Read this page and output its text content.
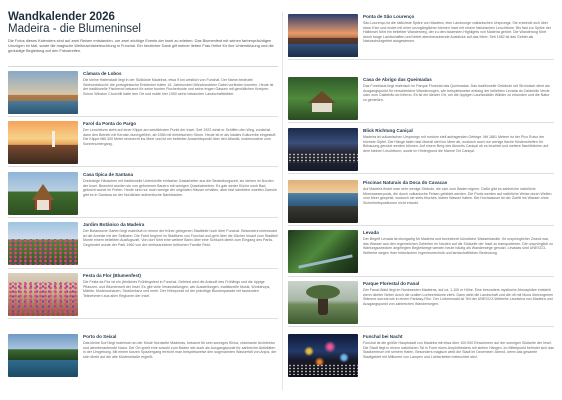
Wandkalender 2026
Madeira - die Blumeninsel
Die Fotos dieses Kalenders sind auf zwei Reisen entstanden, um zwei wichtige Events der Insel zu erleben: Das Blumenfest mit seinen farbenprächtigen Umzügen im Mai, sowie die magische Weihnachtsbeleuchtung in Funchal. Ein herzlicher Dank gilt meiner lieben Frau Heike für ihre Unterstützung und die geduldige Begleitung auf den Fotostreifen.
Câmara de Lobos
Die kleine Hafenstadt liegt in der Südküste Madeiras, etwa 9 km westlich von Funchal. Der Name bedeutet Seehundsbucht: die portugiesische Entdecker trafen 15. Jahrhundert Mönchsrobben Dabei vorfinden konnten. Heute ist der traditionelle Fischerort bekannt für seine bunten Fischerboote und seine engen Gassen mit gemütlichen Kneipen. Schon Winston Churchill hatte den Ort und malte hier 1950 seine bekannten Landschaftsbilder.
Farol da Ponta do Pargo
Der Leuchtturm steht auf einer Klippe am westlichsten Punkt der Insel. Seit 1922 weist er Schiffen den Weg, zunächst dann den Betrieb mit Kerosin durchgeführt, ab 1958 mit elektrischem Strom. Heute ist er als lokales Kulturerbe eingestuft. Die Klippe fällt 300 Meter senkrecht ins Meer und ist ein beliebter Aussichtspunkt über den Atlantik, insbesondere zum Sonnenuntergang.
Casa típica de Santana
Dreieckige Häuschen mit traditionelle Unterkünfte einfacher Gastarbeiter aus der Besiedlungszeit, sie stehen im Norden der Insel. Bewohnt wurden sie von geborenen Bauern mit wenigen Quadratmetern. Es gab weder Küche noch Bad, gekocht wurde im Freien. Heute sind nur noch wenige der originalen Häuser erhalten, aber fast sämtliche zweiten Zwecke gibt es in Santana an der Nordküste authentische Nachbauten.
Jardim Botânico da Madeira
Der Botanische Garten liegt malerisch in einem der früher gelegenen Stadtteile hoch über Funchal. Besonders interessant ist die Anreise mit der Seilbahn. Die Fahrt beginnt im Stadtkern von Funchal und geht über die Dächer hinauf zum Stadtteil Monte einem beliebten Ausflugsziel. Von dort führt eine weitere Bahn über eine Schlucht direkt zum Eingang des Parks. Gegründet wurde der Park 1960 von der einflussreichen britischen Familie Reid.
Festa da Flor (Blumenfest)
Die Festa da Flor ist ein jährliches Frühlingsfest in Funchal. Gefeiert wird die Ankunft des Frühlings und die üppige Pflanzen- und Blumenwelt der Insel. Es gibt viele Veranstaltungen, wie Ausstellungen, traditionelle Musik, Workshops, Märkte, Modenschauen, Straßentanz und mehr. Der Höhepunkt ist der prächtige Blumenparade mit tausenden Teilnehmern aus allen Regionen der Insel.
Porto do Seixal
Das kleine Dorf liegt malerisch an der Küste Nordseite Madeiras, bekannt für sein sonniges Klima, charmante Architektur und atemberaubende Natur. Der Ort spielt eine sowohl zum Baden wie auch als Ausgangspunkt für zahlreiche Aktivitäten in der Umgebung. Mit einem kurzen Spaziergang erreicht man beispielsweise den sogenannten Wasserfall von Anjos, der sich direkt auf die alte Küstenstraße ergießt.
Ponta de São Lourenço
São Lourenço ist die östlichste Spitze von Madeira, eine Landzunge vulkanischen Ursprungs. Sie erstreckt sich über etwa 9 km und endet mit einer unzugänglichen kleinen Insel mit einem historischen Leuchtturm. Bis fast zur Spitze der Halbinsel führt ein beliebter Wanderweg, der zu den bizarrsten Highlights von Madeira gehört. Die Wanderung führt durch karge Landschaften und bietet atemberaubende Ausblicke auf das Meer. Seit 1982 ist das Gebiet als Naturschutzgebiet ausgewiesen.
Casa de Abrigo das Queimadas
Das Forsthaus liegt malerisch im Parque Florestal das Queimadas. Das traditionelle Gebäude mit Strohdach dient als Ausgangspunkt für verschiedene Wanderungen, wie beispielsweise entlang der beliebten Levada do Caldeirão Verde oder zum Caldeirão do Inferno. Es ist ein idealer Ort, um die üppigen Lauriswälder Wälder zu erkunden und die Natur zu genießen.
Blick Richtung Caniçal
Madeira ist vulkanischen Ursprungs mit rundum steil aufragenden Gebirge. Mit 1861 Metern ist der Pico Ruivo der höchste Gipfel. Die Hänge fallen fast überall steil ins Meer ab, wodurch auch nur wenige flache Küstenstreifen für Bebauung genutzt werden können. Auf einem Berg des Akronits Caniçal ob es leuchtet und weitere Nachtfahrten auf dem kleinen Leuchtturm, sowie im Hintergrund die Marine Ort Caniçal.
Piscinas Naturais da Doca do Cavacas
Auf Madeira findet man sehr wenige Strände, die sich zum Baden eignen. Dafür gibt es zahlreiche natürliche Meerwasserpools, die durch vulkanische Felsen gebildet werden. Die Pools werden auf natürliche Weise durch Wellen vom Meer gespeist, wodurch sie stets frisches, klares Wasser haben. Bei Hochwasser ist der Zutritt ins Wasser ohne Sicherheitspositionen nicht erlaubt.
Levada
Der Begriff Levada ist einzigartig für Madeira und bezeichnet künstliche Wasserkanäle. Ihr ursprünglicher Zweck war, das Wasser aus den regenreichen Gebieten im Norden auf die Südseite der Insel zu transportieren. Die ursprünglich zu Wartungszwecken angelegten Begleitwege werden heute häufig als Wanderwege genutzt. Levadas sind UNESCO-Welterbe wegen ihrer historischen Ingenieurtechnik und landschaftlichen Bedeutung.
Parque Florestal do Fanal
Der Fanal-Wald liegt im Nordwesten Madeiras, auf ca. 1.100 m Höhe. Eine besonders mystische Atmosphäre entsteht wenn dichter Nebel durch die uralten Lorbeerbäume zieht. Dann wirkt die Landschaft und die oft mit Moos überzogenen Stämme surreal wie in einem Fantasy-Film. Der Lorbeerwald ist Teil der UNESCO-Welterbe Laurisilva von Madeira und Ausgangspunkt von zahlreichen Wanderwegen.
Funchal bei Nacht
Funchal ist die größte Hauptstadt von Madeira mit etwa über 100.000 Einwohnern auf der sonnigen Südseite der Insel. Die Stadt liegt in einem natürlichen Tal in Form eines Amphitheaters mit steilen Hängen. Im Mittelpunkt befindet sich das Stadtzentrum mit seinem Hafen. Besonders magisch wirkt die Stadt im Dezember: Abend, wenn das gesamte Stadtgebiet mit Millionen von Lampen und Lichterketten beleuchtet wird.
